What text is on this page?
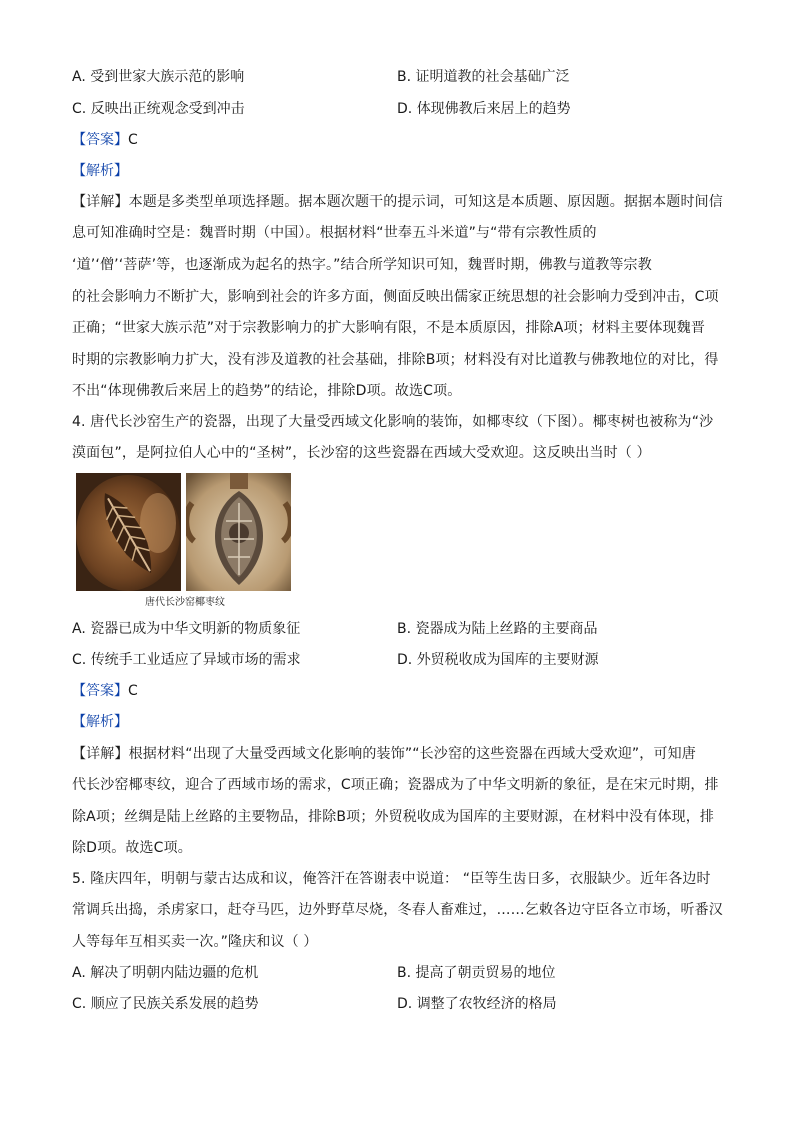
A. 受到世家大族示范的影响	B. 证明道教的社会基础广泛
C. 反映出正统观念受到冲击	D. 体现佛教后来居上的趋势
【答案】C
【解析】
【详解】本题是多类型单项选择题。据本题次题干的提示词，可知这是本质题、原因题。据据本题时间信
息可知准确时空是：魏晋时期（中国）。根据材料“世奉五斗米道”与“带有宗教性质的
‘道’‘僧’‘菩萨’等，也逐渐成为起名的热字。”结合所学知识可知，魏晋时期，佛教与道教等宗教
的社会影响力不断扩大，影响到社会的许多方面，侧面反映出儒家正统思想的社会影响力受到冲击，C项
正确；“世家大族示范”对于宗教影响力的扩大影响有限，不是本质原因，排除A项；材料主要体现魏晋
时期的宗教影响力扩大，没有涉及道教的社会基础，排除B项；材料没有对比道教与佛教地位的对比，得
不出“体现佛教后来居上的趋势”的结论，排除D项。故选C项。
4. 唐代长沙窑生产的瓷器，出现了大量受西域文化影响的装饰，如椰枣纹（下图）。椰枣树也被称为“沙
漠面包”，是阿拉伯人心中的“圣树”，长沙窑的这些瓷器在西域大受欢迎。这反映出当时（ ）
唐代长沙窑椰枣纹
A. 瓷器已成为中华文明新的物质象征	B. 瓷器成为陆上丝路的主要商品
C. 传统手工业适应了异域市场的需求	D. 外贸税收成为国库的主要财源
【答案】C
【解析】
【详解】根据材料“出现了大量受西域文化影响的装饰”“长沙窑的这些瓷器在西域大受欢迎”，可知唐
代长沙窑椰枣纹，迎合了西域市场的需求，C项正确；瓷器成为了中华文明新的象征，是在宋元时期，排
除A项；丝绸是陆上丝路的主要物品，排除B项；外贸税收成为国库的主要财源，在材料中没有体现，排
除D项。故选C项。
5. 隆庆四年，明朝与蒙古达成和议，俺答汗在答谢表中说道： “臣等生齿日多，衣服缺少。近年各边时
常调兵出捣，杀虏家口，赶夺马匹，边外野草尽烧，冬春人畜难过，……乞敕各边守臣各立市场，听番汉
人等每年互相买卖一次。”隆庆和议（ ）
A. 解决了明朝内陆边疆的危机	B. 提高了朝贡贸易的地位
C. 顺应了民族关系发展的趋势	D. 调整了农牧经济的格局
